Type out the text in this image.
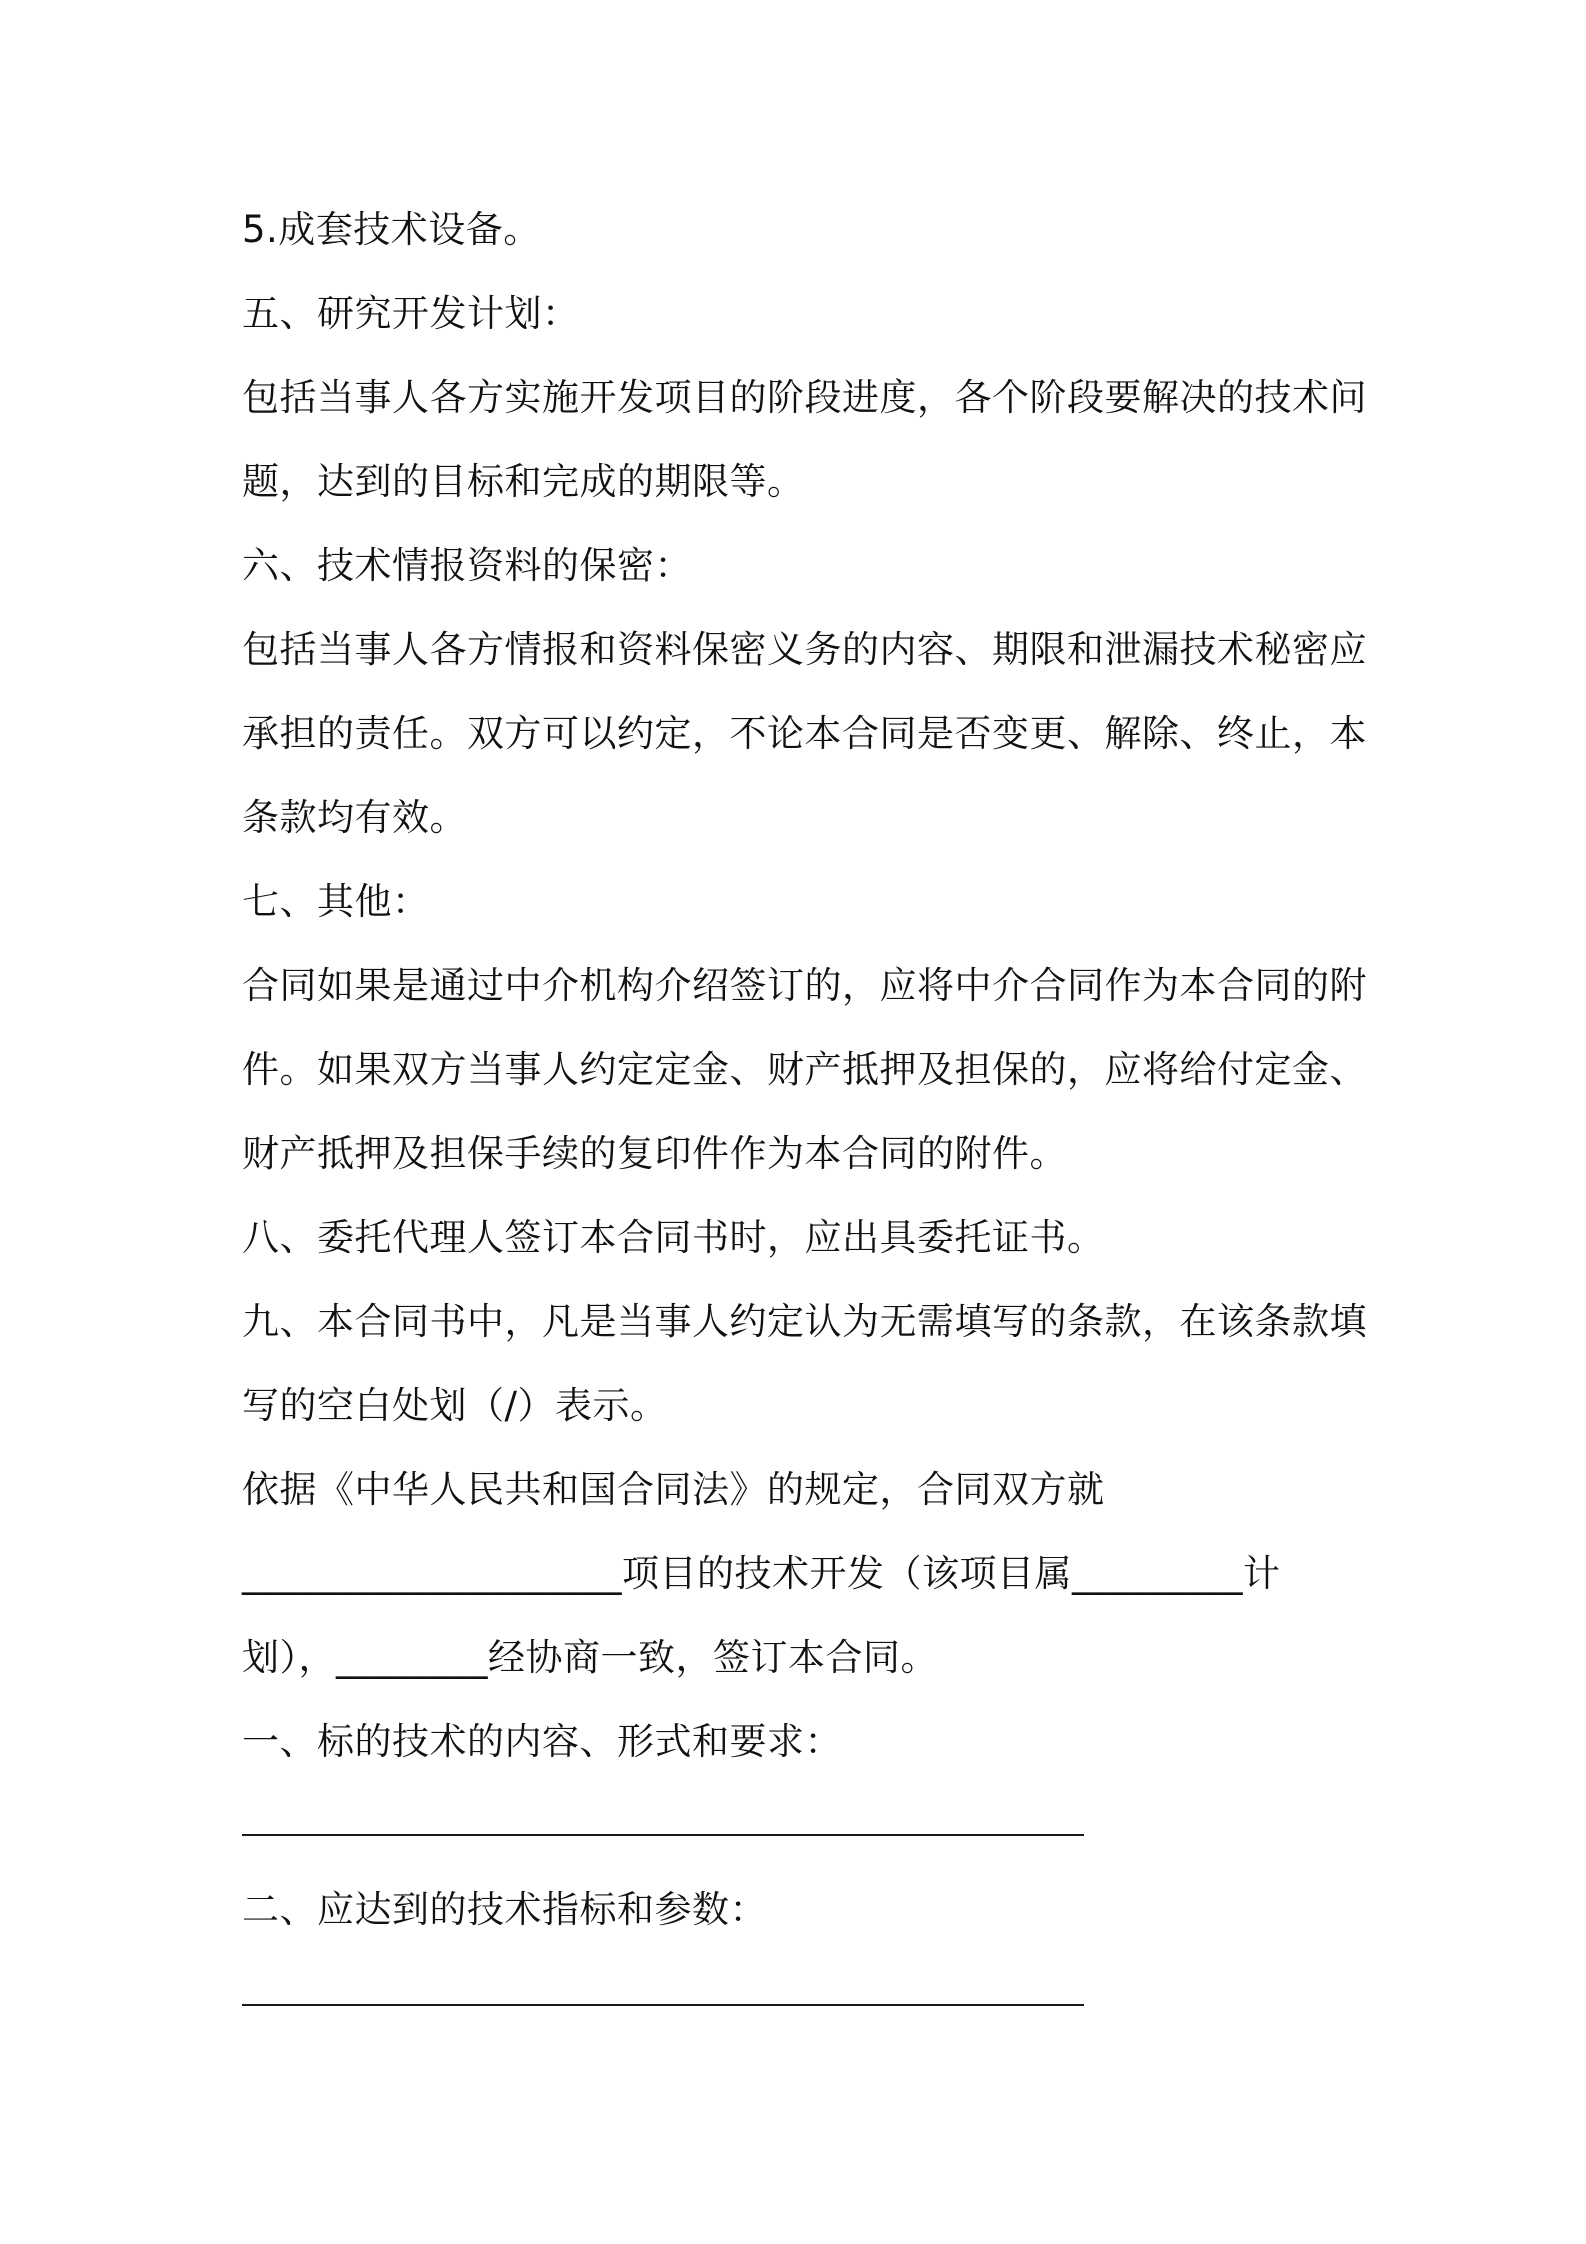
5.成套技术设备。

五、研究开发计划：

包括当事人各方实施开发项目的阶段进度，各个阶段要解决的技术问

题，达到的目标和完成的期限等。

六、技术情报资料的保密：

包括当事人各方情报和资料保密义务的内容、期限和泄漏技术秘密应

承担的责任。双方可以约定，不论本合同是否变更、解除、终止，本

条款均有效。

七、其他：

合同如果是通过中介机构介绍签订的，应将中介合同作为本合同的附

件。如果双方当事人约定定金、财产抵押及担保的，应将给付定金、

财产抵押及担保手续的复印件作为本合同的附件。

八、委托代理人签订本合同书时，应出具委托证书。

九、本合同书中，凡是当事人约定认为无需填写的条款，在该条款填

写的空白处划（/）表示。

依据《中华人民共和国合同法》的规定，合同双方就

____________________项目的技术开发（该项目属_________计

划），________经协商一致，签订本合同。

一、标的技术的内容、形式和要求：

二、应达到的技术指标和参数：
